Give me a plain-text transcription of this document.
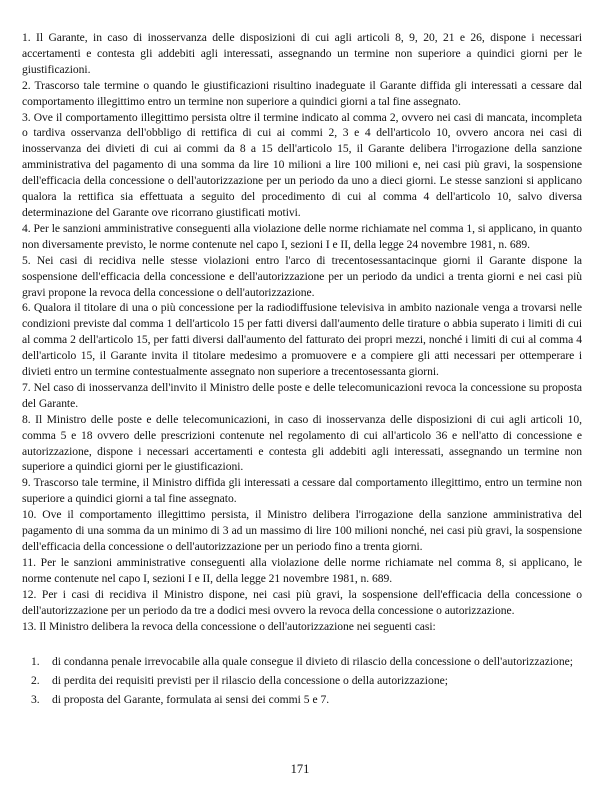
1. Il Garante, in caso di inosservanza delle disposizioni di cui agli articoli 8, 9, 20, 21 e 26, dispone i necessari accertamenti e contesta gli addebiti agli interessati, assegnando un termine non superiore a quindici giorni per le giustificazioni.

2. Trascorso tale termine o quando le giustificazioni risultino inadeguate il Garante diffida gli interessati a cessare dal comportamento illegittimo entro un termine non superiore a quindici giorni a tal fine assegnato.

3. Ove il comportamento illegittimo persista oltre il termine indicato al comma 2, ovvero nei casi di mancata, incompleta o tardiva osservanza dell'obbligo di rettifica di cui ai commi 2, 3 e 4 dell'articolo 10, ovvero ancora nei casi di inosservanza dei divieti di cui ai commi da 8 a 15 dell'articolo 15, il Garante delibera l'irrogazione della sanzione amministrativa del pagamento di una somma da lire 10 milioni a lire 100 milioni e, nei casi più gravi, la sospensione dell'efficacia della concessione o dell'autorizzazione per un periodo da uno a dieci giorni. Le stesse sanzioni si applicano qualora la rettifica sia effettuata a seguito del procedimento di cui al comma 4 dell'articolo 10, salvo diversa determinazione del Garante ove ricorrano giustificati motivi.

4. Per le sanzioni amministrative conseguenti alla violazione delle norme richiamate nel comma 1, si applicano, in quanto non diversamente previsto, le norme contenute nel capo I, sezioni I e II, della legge 24 novembre 1981, n. 689.

5. Nei casi di recidiva nelle stesse violazioni entro l'arco di trecentosessantacinque giorni il Garante dispone la sospensione dell'efficacia della concessione e dell'autorizzazione per un periodo da undici a trenta giorni e nei casi più gravi propone la revoca della concessione o dell'autorizzazione.

6. Qualora il titolare di una o più concessione per la radiodiffusione televisiva in ambito nazionale venga a trovarsi nelle condizioni previste dal comma 1 dell'articolo 15 per fatti diversi dall'aumento delle tirature o abbia superato i limiti di cui al comma 2 dell'articolo 15, per fatti diversi dall'aumento del fatturato dei propri mezzi, nonché i limiti di cui al comma 4 dell'articolo 15, il Garante invita il titolare medesimo a promuovere e a compiere gli atti necessari per ottemperare i divieti entro un termine contestualmente assegnato non superiore a trecentosessanta giorni.

7. Nel caso di inosservanza dell'invito il Ministro delle poste e delle telecomunicazioni revoca la concessione su proposta del Garante.

8. Il Ministro delle poste e delle telecomunicazioni, in caso di inosservanza delle disposizioni di cui agli articoli 10, comma 5 e 18 ovvero delle prescrizioni contenute nel regolamento di cui all'articolo 36 e nell'atto di concessione e autorizzazione, dispone i necessari accertamenti e contesta gli addebiti agli interessati, assegnando un termine non superiore a quindici giorni per le giustificazioni.

9. Trascorso tale termine, il Ministro diffida gli interessati a cessare dal comportamento illegittimo, entro un termine non superiore a quindici giorni a tal fine assegnato.

10. Ove il comportamento illegittimo persista, il Ministro delibera l'irrogazione della sanzione amministrativa del pagamento di una somma da un minimo di 3 ad un massimo di lire 100 milioni nonché, nei casi più gravi, la sospensione dell'efficacia della concessione o dell'autorizzazione per un periodo fino a trenta giorni.

11. Per le sanzioni amministrative conseguenti alla violazione delle norme richiamate nel comma 8, si applicano, le norme contenute nel capo I, sezioni I e II, della legge 21 novembre 1981, n. 689.

12. Per i casi di recidiva il Ministro dispone, nei casi più gravi, la sospensione dell'efficacia della concessione o dell'autorizzazione per un periodo da tre a dodici mesi ovvero la revoca della concessione o autorizzazione.

13. Il Ministro delibera la revoca della concessione o dell'autorizzazione nei seguenti casi:

1. di condanna penale irrevocabile alla quale consegue il divieto di rilascio della concessione o dell'autorizzazione;
2. di perdita dei requisiti previsti per il rilascio della concessione o della autorizzazione;
3. di proposta del Garante, formulata ai sensi dei commi 5 e 7.
171
